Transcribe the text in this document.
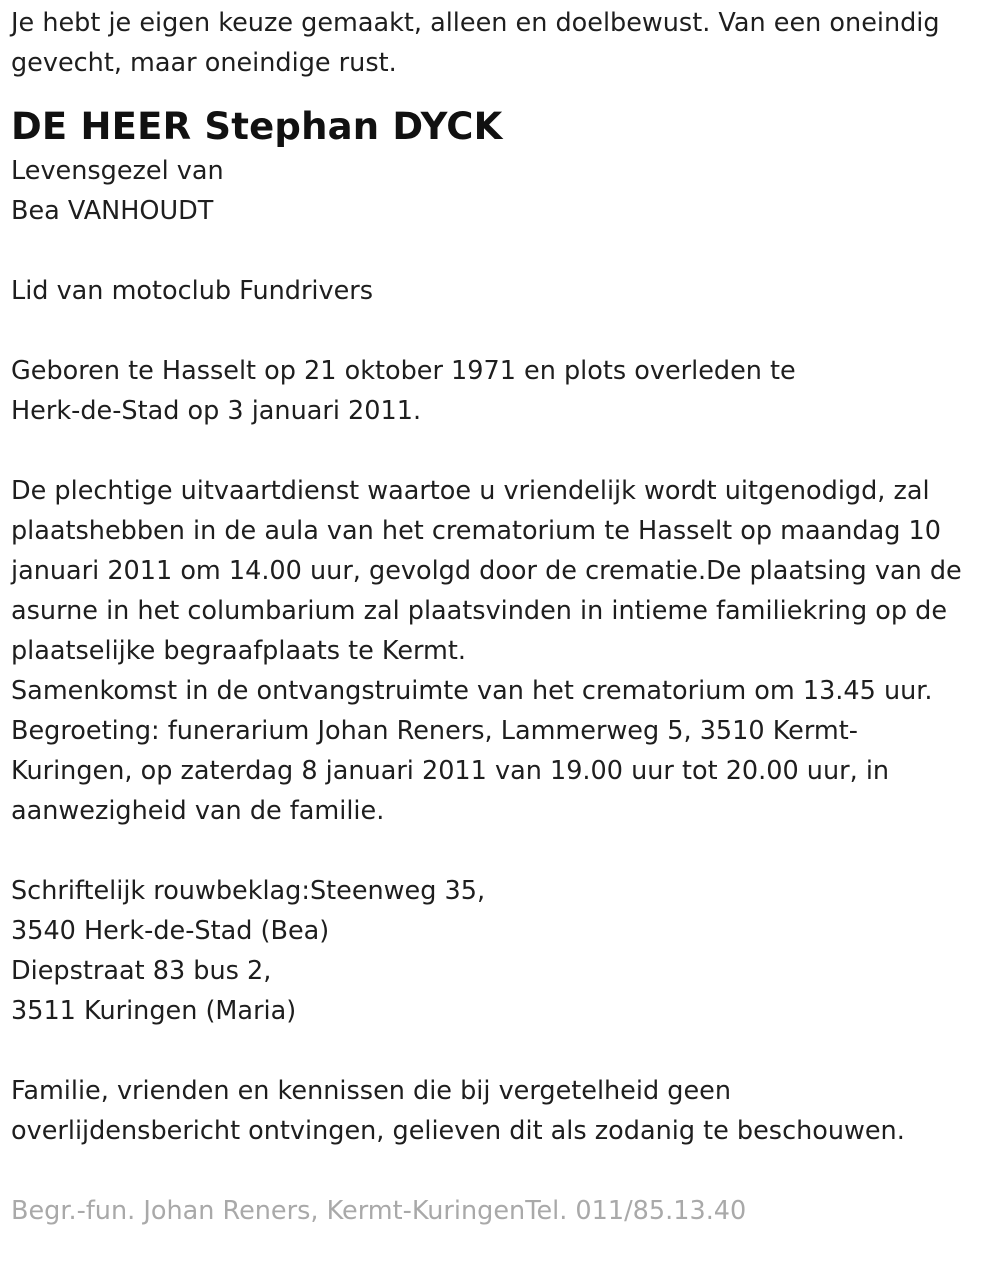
Je hebt je eigen keuze gemaakt, alleen en doelbewust. Van een oneindig
gevecht, maar oneindige rust.
DE HEER Stephan DYCK
Levensgezel van
Bea VANHOUDT
Lid van motoclub Fundrivers
Geboren te Hasselt op 21 oktober 1971 en plots overleden te
Herk-de-Stad op 3 januari 2011.
De plechtige uitvaartdienst waartoe u vriendelijk wordt uitgenodigd, zal
plaatshebben in de aula van het crematorium te Hasselt op maandag 10
januari 2011 om 14.00 uur, gevolgd door de crematie.De plaatsing van de
asurne in het columbarium zal plaatsvinden in intieme familiekring op de
plaatselijke begraafplaats te Kermt.
Samenkomst in de ontvangstruimte van het crematorium om 13.45 uur.
Begroeting: funerarium Johan Reners, Lammerweg 5, 3510 Kermt-
Kuringen, op zaterdag 8 januari 2011 van 19.00 uur tot 20.00 uur, in
aanwezigheid van de familie.
Schriftelijk rouwbeklag:Steenweg 35,
3540 Herk-de-Stad (Bea)
Diepstraat 83 bus 2,
3511 Kuringen (Maria)
Familie, vrienden en kennissen die bij vergetelheid geen
overlijdensbericht ontvingen, gelieven dit als zodanig te beschouwen.
Begr.-fun. Johan Reners, Kermt-KuringenTel. 011/85.13.40
